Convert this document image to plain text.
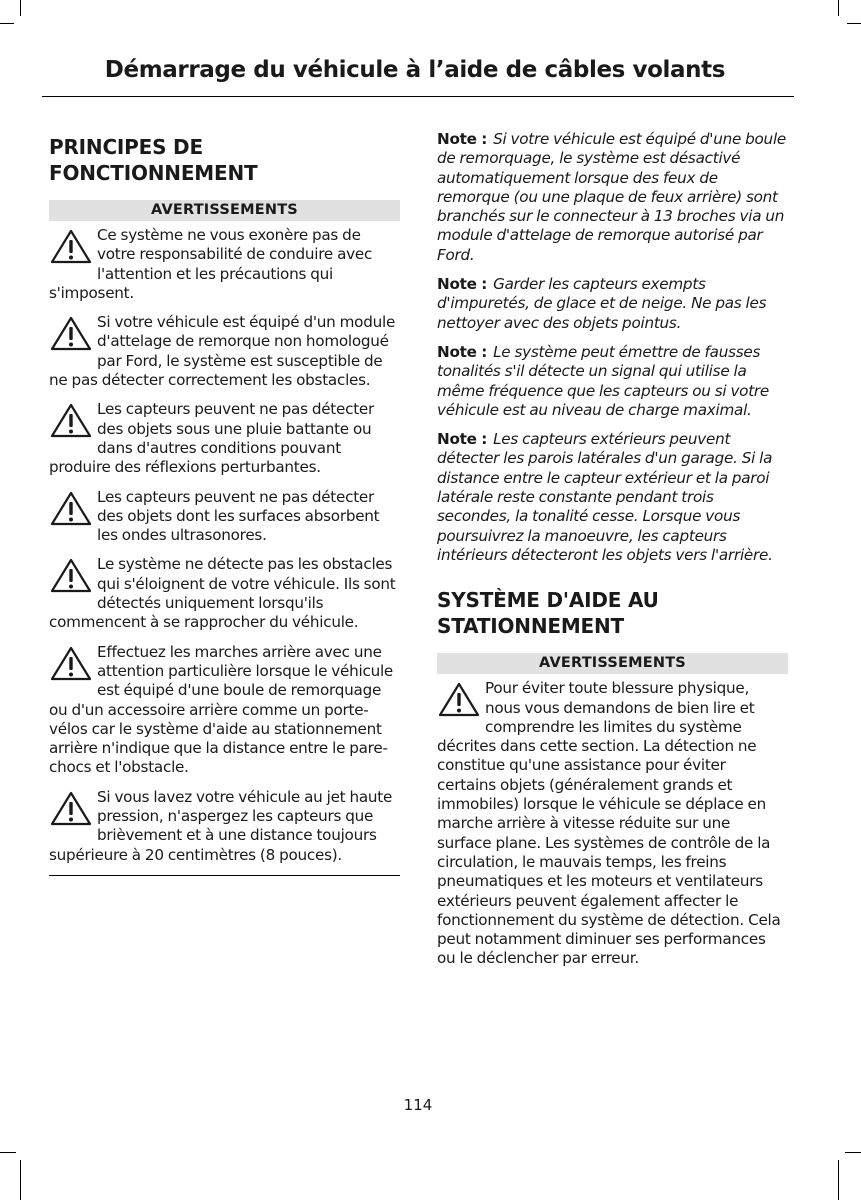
Démarrage du véhicule à l’aide de câbles volants
PRINCIPES DE FONCTIONNEMENT
AVERTISSEMENTS
Ce système ne vous exonère pas de votre responsabilité de conduire avec l'attention et les précautions qui s'imposent.
Si votre véhicule est équipé d'un module d'attelage de remorque non homologué par Ford, le système est susceptible de ne pas détecter correctement les obstacles.
Les capteurs peuvent ne pas détecter des objets sous une pluie battante ou dans d'autres conditions pouvant produire des réflexions perturbantes.
Les capteurs peuvent ne pas détecter des objets dont les surfaces absorbent les ondes ultrasonores.
Le système ne détecte pas les obstacles qui s'éloignent de votre véhicule. Ils sont détectés uniquement lorsqu'ils commencent à se rapprocher du véhicule.
Effectuez les marches arrière avec une attention particulière lorsque le véhicule est équipé d'une boule de remorquage ou d'un accessoire arrière comme un porte-vélos car le système d'aide au stationnement arrière n'indique que la distance entre le pare-chocs et l'obstacle.
Si vous lavez votre véhicule au jet haute pression, n'aspergez les capteurs que brièvement et à une distance toujours supérieure à 20 centimètres (8 pouces).
Note : Si votre véhicule est équipé d'une boule de remorquage, le système est désactivé automatiquement lorsque des feux de remorque (ou une plaque de feux arrière) sont branchés sur le connecteur à 13 broches via un module d'attelage de remorque autorisé par Ford.
Note : Garder les capteurs exempts d'impuretés, de glace et de neige. Ne pas les nettoyer avec des objets pointus.
Note : Le système peut émettre de fausses tonalités s'il détecte un signal qui utilise la même fréquence que les capteurs ou si votre véhicule est au niveau de charge maximal.
Note : Les capteurs extérieurs peuvent détecter les parois latérales d'un garage. Si la distance entre le capteur extérieur et la paroi latérale reste constante pendant trois secondes, la tonalité cesse. Lorsque vous poursuivrez la manoeuvre, les capteurs intérieurs détecteront les objets vers l'arrière.
SYSTÈME D'AIDE AU STATIONNEMENT
AVERTISSEMENTS
Pour éviter toute blessure physique, nous vous demandons de bien lire et comprendre les limites du système décrites dans cette section. La détection ne constitue qu'une assistance pour éviter certains objets (généralement grands et immobiles) lorsque le véhicule se déplace en marche arrière à vitesse réduite sur une surface plane. Les systèmes de contrôle de la circulation, le mauvais temps, les freins pneumatiques et les moteurs et ventilateurs extérieurs peuvent également affecter le fonctionnement du système de détection. Cela peut notamment diminuer ses performances ou le déclencher par erreur.
114
